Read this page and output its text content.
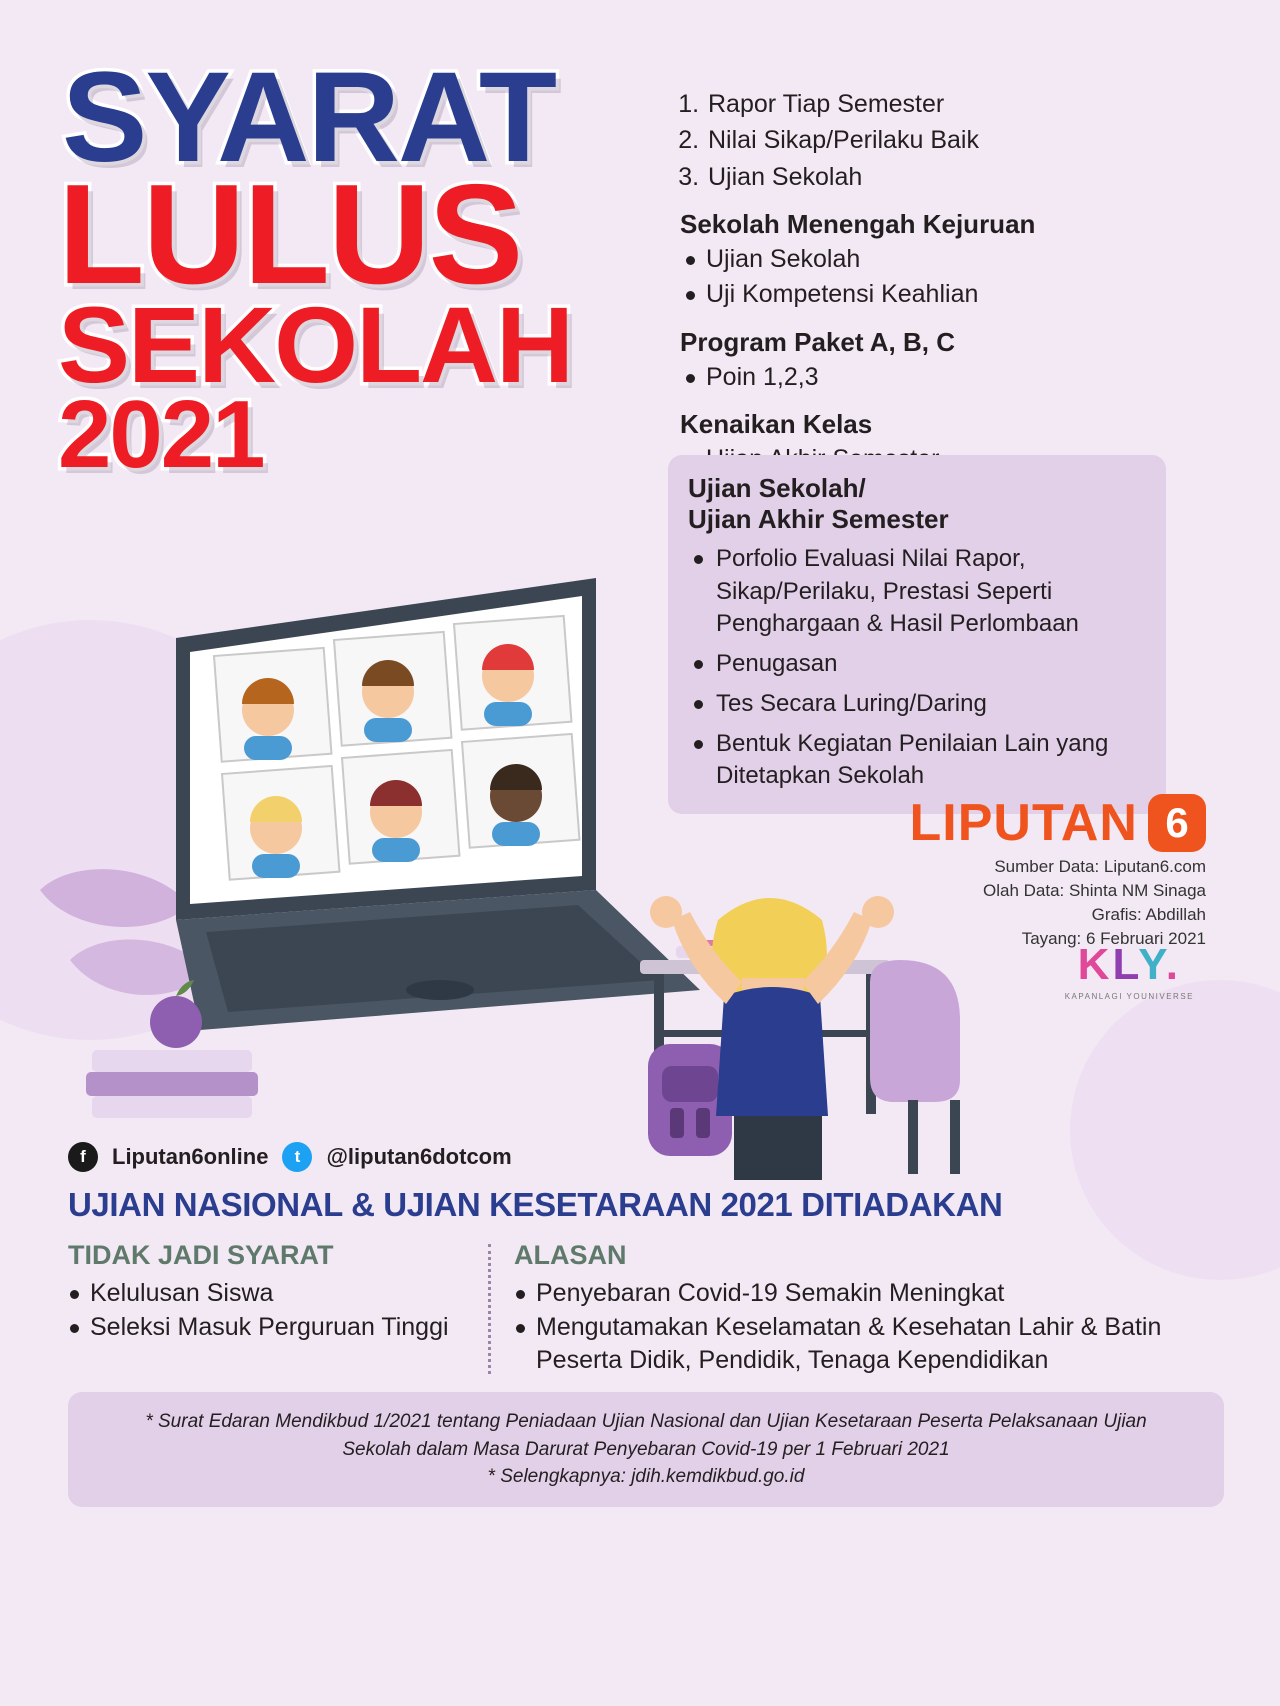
SYARAT
LULUS
SEKOLAH
2021
1. Rapor Tiap Semester
2. Nilai Sikap/Perilaku Baik
3. Ujian Sekolah
Sekolah Menengah Kejuruan
Ujian Sekolah
Uji Kompetensi Keahlian
Program Paket A, B, C
Poin 1,2,3
Kenaikan Kelas
Ujian Sekolah/
Ujian Akhir Semester
Porfolio Evaluasi Nilai Rapor, Sikap/Perilaku, Prestasi Seperti Penghargaan & Hasil Perlombaan
Penugasan
Tes Secara Luring/Daring
Bentuk Kegiatan Penilaian Lain yang Ditetapkan Sekolah
LIPUTAN 6
Sumber Data: Liputan6.com
Olah Data: Shinta NM Sinaga
Grafis: Abdillah
Tayang: 6 Februari 2021
KLY.
KAPANLAGI YOUNIVERSE
f	Liputan6online	t	@liputan6dotcom
UJIAN NASIONAL & UJIAN KESETARAAN 2021 DITIADAKAN
TIDAK JADI SYARAT
Kelulusan Siswa
Seleksi Masuk Perguruan Tinggi
ALASAN
Penyebaran Covid-19 Semakin Meningkat
Mengutamakan Keselamatan & Kesehatan Lahir & Batin Peserta Didik, Pendidik, Tenaga Kependidikan
* Surat Edaran Mendikbud 1/2021 tentang Peniadaan Ujian Nasional dan Ujian Kesetaraan Peserta Pelaksanaan Ujian
Sekolah dalam Masa Darurat Penyebaran Covid-19 per 1 Februari 2021
* Selengkapnya: jdih.kemdikbud.go.id
